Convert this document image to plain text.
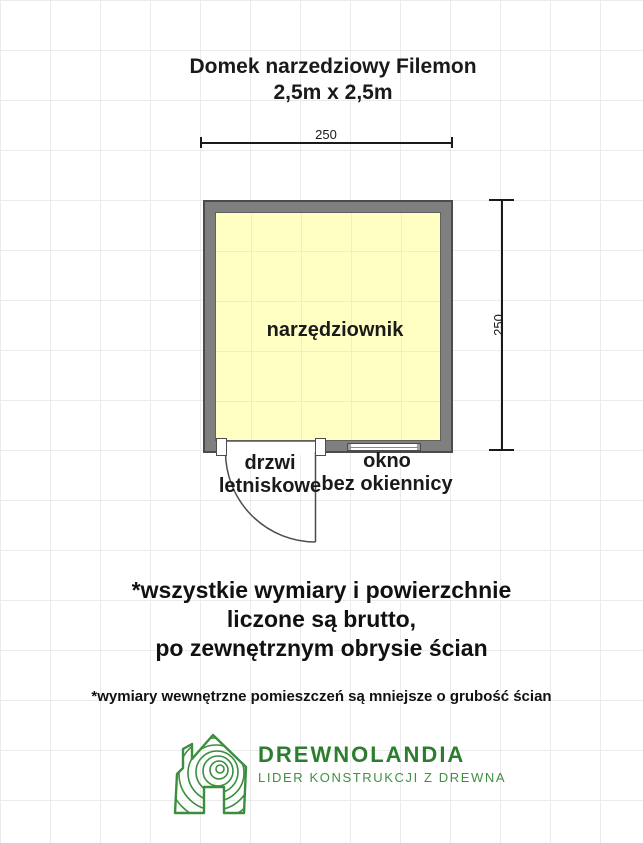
Domek narzedziowy Filemon
2,5m x 2,5m
250
250
narzędziownik
drzwi
letniskowe
okno
bez okiennicy
*wszystkie wymiary i powierzchnie
liczone są brutto,
po zewnętrznym obrysie ścian
*wymiary wewnętrzne pomieszczeń są mniejsze o grubość ścian
DREWNOLANDIA
LIDER KONSTRUKCJI Z DREWNA
